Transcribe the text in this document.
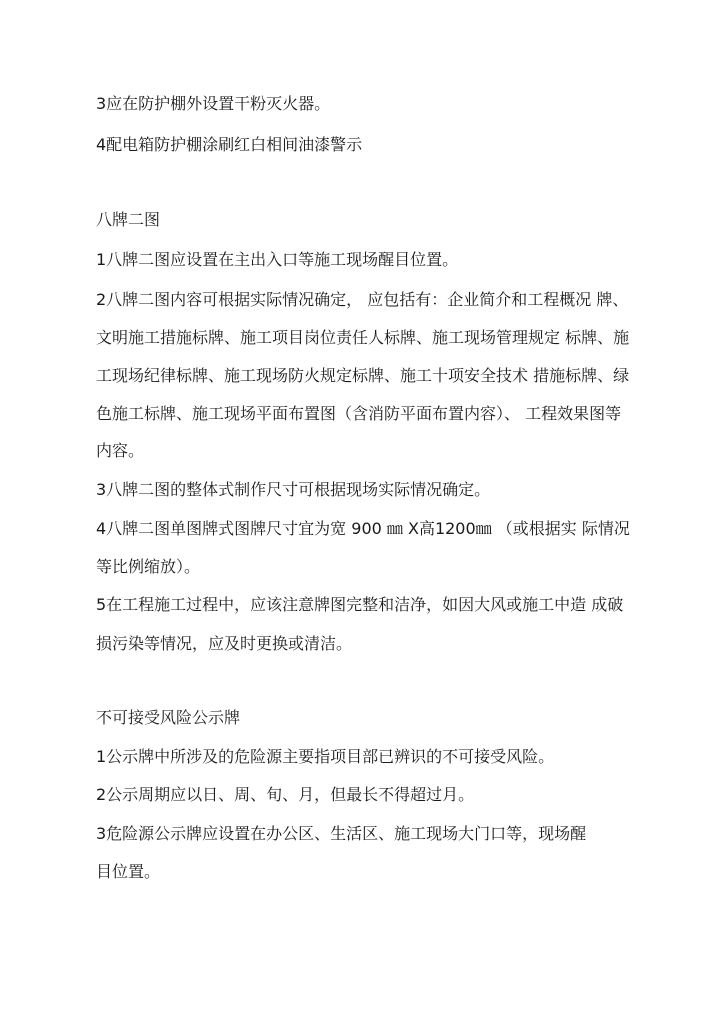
3应在防护棚外设置干粉灭火器。
4配电箱防护棚涂刷红白相间油漆警示
八牌二图
1八牌二图应设置在主出入口等施工现场醒目位置。
2八牌二图内容可根据实际情况确定， 应包括有：企业简介和工程概况 牌、
文明施工措施标牌、施工项目岗位责任人标牌、施工现场管理规定 标牌、施
工现场纪律标牌、施工现场防火规定标牌、施工十项安全技术 措施标牌、绿
色施工标牌、施工现场平面布置图（含消防平面布置内容）、 工程效果图等
内容。
3八牌二图的整体式制作尺寸可根据现场实际情况确定。
4八牌二图单图牌式图牌尺寸宜为宽 900 ㎜ X高1200㎜ （或根据实 际情况
等比例缩放）。
5在工程施工过程中，应该注意牌图完整和洁净，如因大风或施工中造 成破
损污染等情况，应及时更换或清洁。
不可接受风险公示牌
1公示牌中所涉及的危险源主要指项目部已辨识的不可接受风险。
2公示周期应以日、周、旬、月，但最长不得超过月。
3危险源公示牌应设置在办公区、生活区、施工现场大门口等，现场醒
目位置。
